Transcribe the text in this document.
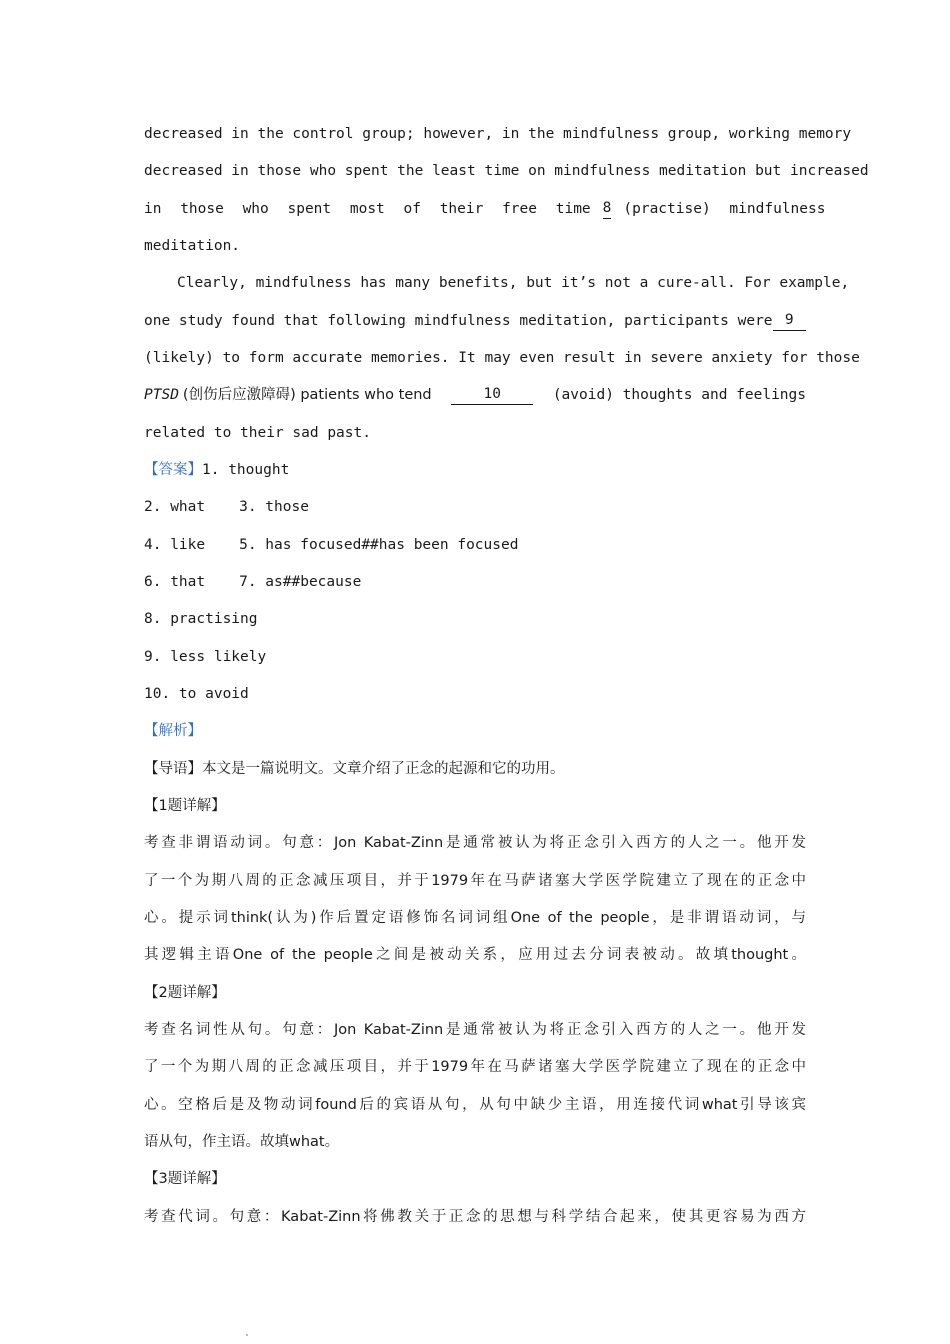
decreased in the control group; however, in the mindfulness group, working memory
decreased in those who spent the least time on mindfulness meditation but increased
in those who spent most of their free time 8 (practise) mindfulness
meditation.
Clearly, mindfulness has many benefits, but it’s not a cure-all. For example,
one study found that following mindfulness meditation, participants were 9
(likely) to form accurate memories. It may even result in severe anxiety for those
PTSD (创伤后应激障碍) patients who tend	10	(avoid) thoughts and feelings
related to their sad past.
【答案】1. thought
2. what 3. those
4. like 5. has focused##has been focused
6. that 7. as##because
8. practising
9. less likely
10. to avoid
【解析】
【导语】本文是一篇说明文。文章介绍了正念的起源和它的功用。
【1题详解】
考查非谓语动词。句意：Jon Kabat-Zinn是通常被认为将正念引入西方的人之一。他开发
了一个为期八周的正念减压项目，并于1979年在马萨诸塞大学医学院建立了现在的正念中
心。提示词think(认为)作后置定语修饰名词词组One of the people，是非谓语动词，与
其逻辑主语One of the people之间是被动关系，应用过去分词表被动。故填thought。
【2题详解】
考查名词性从句。句意：Jon Kabat-Zinn是通常被认为将正念引入西方的人之一。他开发
了一个为期八周的正念减压项目，并于1979年在马萨诸塞大学医学院建立了现在的正念中
心。空格后是及物动词found后的宾语从句，从句中缺少主语，用连接代词what引导该宾
语从句，作主语。故填what。
【3题详解】
考查代词。句意：Kabat-Zinn将佛教关于正念的思想与科学结合起来，使其更容易为西方
